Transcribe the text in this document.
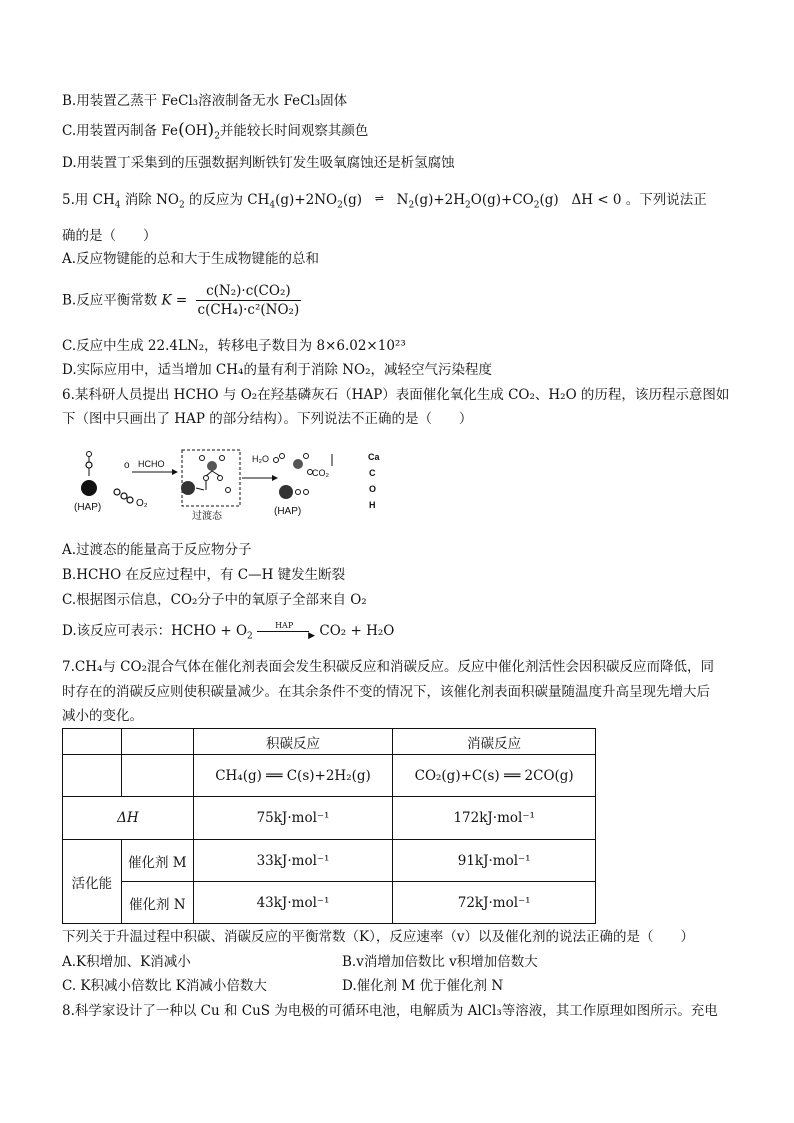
B.用装置乙蒸干 FeCl₃溶液制备无水 FeCl₃固体
C.用装置丙制备 $Fe(OH)_2$并能较长时间观察其颜色
D.用装置丁采集到的压强数据判断铁钉发生吸氧腐蚀还是析氢腐蚀
5.用 $CH_4$ 消除 $NO_2$ 的反应为 $CH_4(g)+2NO_2(g)$ ⇌ $N_2(g)+2H_2O(g)+CO_2(g) \Delta H < 0$ 。下列说法正
确的是（　　）
A.反应物键能的总和大于生成物键能的总和
B.反应平衡常数 $K = \frac{\text{c(N₂)·c(CO₂)}}{\text{c(CH₄)·c²(NO₂)}}$
C.反应中生成 22.4LN₂，转移电子数目为 8×6.02×10²³
D.实际应用中，适当增加 CH₄的量有利于消除 NO₂，减轻空气污染程度
6.某科研人员提出 HCHO 与 O₂在羟基磷灰石（HAP）表面催化氧化生成 CO₂、H₂O 的历程，该历程示意图如
下（图中只画出了 HAP 的部分结构）。下列说法不正确的是（　　）
(HAP)	O₂
o HCHO
过渡态
H₂O
CO₂
(HAP)
Ca
C
O
H
A.过渡态的能量高于反应物分子
B.HCHO 在反应过程中，有 C—H 键发生断裂
C.根据图示信息，CO₂分子中的氧原子全部来自 O₂
D.该反应可表示：HCHO + $O_2$
HAP
▶ CO₂ + H₂O
7.CH₄与 CO₂混合气体在催化剂表面会发生积碳反应和消碳反应。反应中催化剂活性会因积碳反应而降低，同
时存在的消碳反应则使积碳量减少。在其余条件不变的情况下，该催化剂表面积碳量随温度升高呈现先增大后
减小的变化。
		积碳反应	消碳反应
		CH₄(g) ══ C(s)+2H₂(g)	CO₂(g)+C(s) ══ 2CO(g)
ΔH		75kJ·mol⁻¹	172kJ·mol⁻¹
活化能	催化剂 M	33kJ·mol⁻¹	91kJ·mol⁻¹
	催化剂 N	43kJ·mol⁻¹	72kJ·mol⁻¹
下列关于升温过程中积碳、消碳反应的平衡常数（K），反应速率（v）以及催化剂的说法正确的是（　　）
A.K积增加、K消减小	B.v消增加倍数比 v积增加倍数大
C. K积减小倍数比 K消减小倍数大	D.催化剂 M 优于催化剂 N
8.科学家设计了一种以 Cu 和 CuS 为电极的可循环电池，电解质为 AlCl₃等溶液，其工作原理如图所示。充电
